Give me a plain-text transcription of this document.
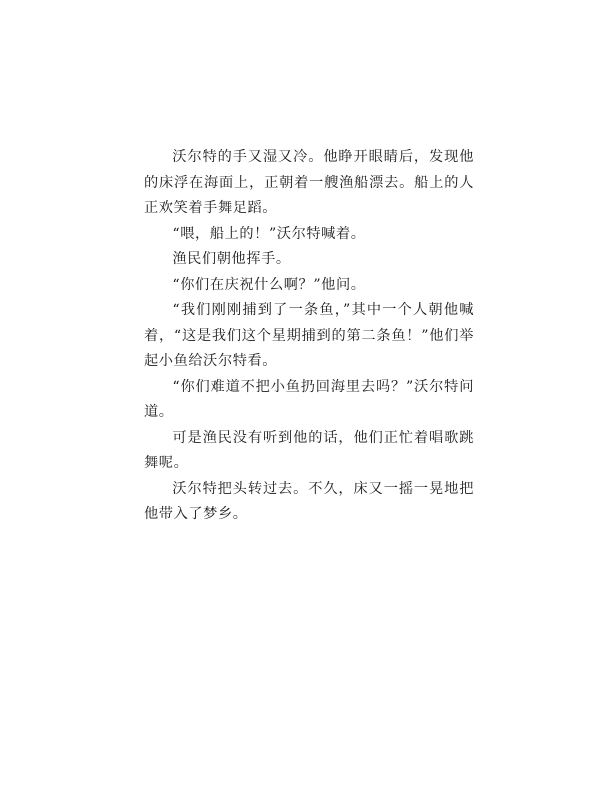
沃尔特的手又湿又冷。他睁开眼睛后，发现他的床浮在海面上，正朝着一艘渔船漂去。船上的人正欢笑着手舞足蹈。

“喂，船上的！”沃尔特喊着。

渔民们朝他挥手。

“你们在庆祝什么啊？”他问。

“我们刚刚捕到了一条鱼，”其中一个人朝他喊着，“这是我们这个星期捕到的第二条鱼！”他们举起小鱼给沃尔特看。

“你们难道不把小鱼扔回海里去吗？”沃尔特问道。

可是渔民没有听到他的话，他们正忙着唱歌跳舞呢。

沃尔特把头转过去。不久，床又一摇一晃地把他带入了梦乡。
